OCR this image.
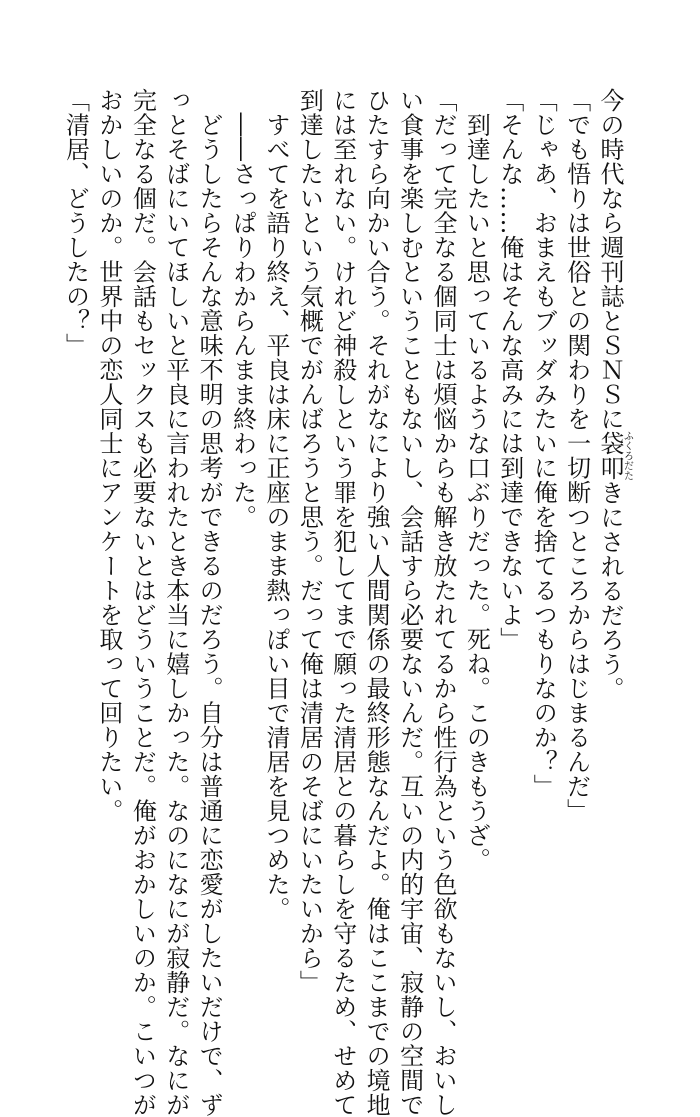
今の時代なら週刊誌とＳＮＳに袋叩ふくろだたきにされるだろう。

「でも悟りは世俗との関わりを一切断つところからはじまるんだ」

「じゃあ、おまえもブッダみたいに俺を捨てるつもりなのか？」

「そんな……俺はそんな高みには到達できないよ」

　到達したいと思っているような口ぶりだった。死ね。このきもうざ。

「だって完全なる個同士は煩悩からも解き放たれてるから性行為という色欲もないし、おいし

い食事を楽しむということもないし、会話すら必要ないんだ。互いの内的宇宙、寂静の空間で

ひたすら向かい合う。それがなにより強い人間関係の最終形態なんだよ。俺はここまでの境地

には至れない。けれど神殺しという罪を犯してまで願った清居との暮らしを守るため、せめて

到達したいという気概でがんばろうと思う。だって俺は清居のそばにいたいから」

　すべてを語り終え、平良は床に正座のまま熱っぽい目で清居を見つめた。

　――さっぱりわからんまま終わった。

　どうしたらそんな意味不明の思考ができるのだろう。自分は普通に恋愛がしたいだけで、ず

っとそばにいてほしいと平良に言われたとき本当に嬉しかった。なのになにが寂静だ。なにが

完全なる個だ。会話もセックスも必要ないとはどういうことだ。俺がおかしいのか。こいつが

おかしいのか。世界中の恋人同士にアンケートを取って回りたい。

「清居、どうしたの？」
